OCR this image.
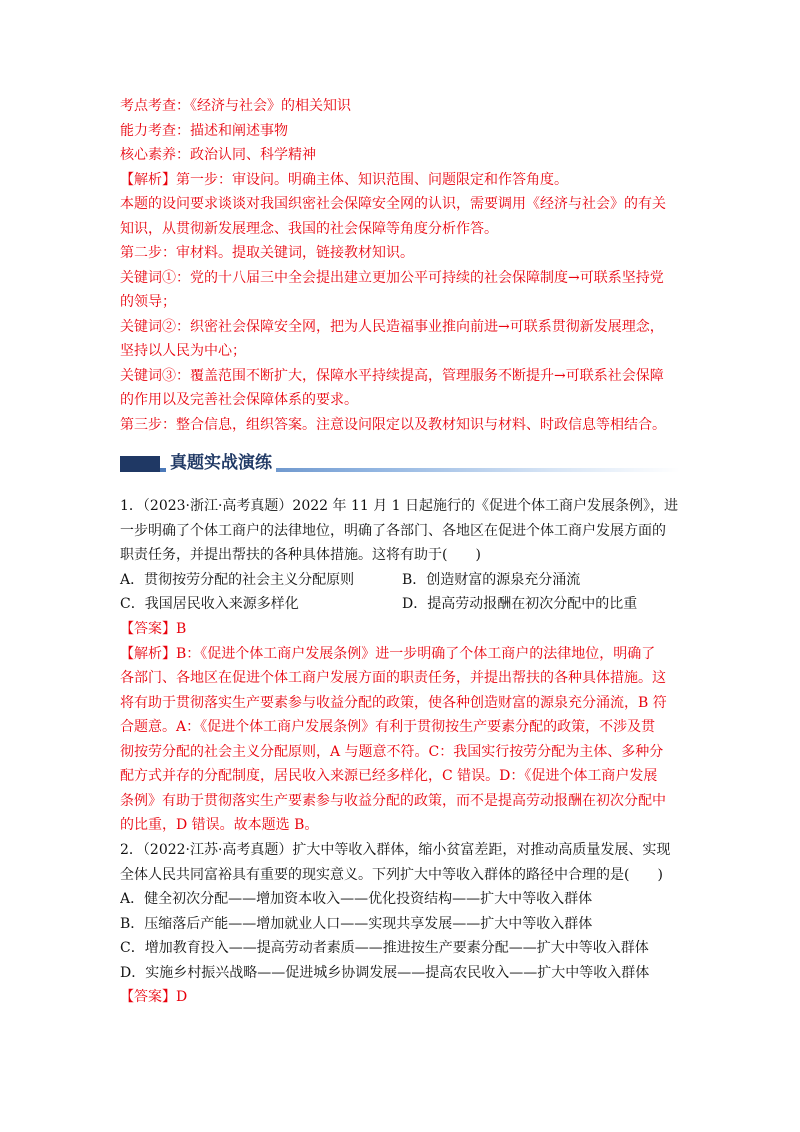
考点考查：《经济与社会》的相关知识
能力考查：描述和阐述事物
核心素养：政治认同、科学精神
【解析】第一步：审设问。明确主体、知识范围、问题限定和作答角度。
本题的设问要求谈谈对我国织密社会保障安全网的认识，需要调用《经济与社会》的有关
知识，从贯彻新发展理念、我国的社会保障等角度分析作答。
第二步：审材料。提取关键词，链接教材知识。
关键词①：党的十八届三中全会提出建立更加公平可持续的社会保障制度→可联系坚持党
的领导；
关键词②：织密社会保障安全网，把为人民造福事业推向前进→可联系贯彻新发展理念，
坚持以人民为中心；
关键词③：覆盖范围不断扩大，保障水平持续提高，管理服务不断提升→可联系社会保障
的作用以及完善社会保障体系的要求。
第三步：整合信息，组织答案。注意设问限定以及教材知识与材料、时政信息等相结合。
真题实战演练
1．（2023·浙江·高考真题）2022 年 11 月 1 日起施行的《促进个体工商户发展条例》，进
一步明确了个体工商户的法律地位，明确了各部门、各地区在促进个体工商户发展方面的
职责任务，并提出帮扶的各种具体措施。这将有助于(　　)
A．贯彻按劳分配的社会主义分配原则	B．创造财富的源泉充分涌流
C．我国居民收入来源多样化	D．提高劳动报酬在初次分配中的比重
【答案】B
【解析】B：《促进个体工商户发展条例》进一步明确了个体工商户的法律地位，明确了
各部门、各地区在促进个体工商户发展方面的职责任务，并提出帮扶的各种具体措施。这
将有助于贯彻落实生产要素参与收益分配的政策，使各种创造财富的源泉充分涌流，B 符
合题意。A：《促进个体工商户发展条例》有利于贯彻按生产要素分配的政策，不涉及贯
彻按劳分配的社会主义分配原则，A 与题意不符。C：我国实行按劳分配为主体、多种分
配方式并存的分配制度，居民收入来源已经多样化，C 错误。D：《促进个体工商户发展
条例》有助于贯彻落实生产要素参与收益分配的政策，而不是提高劳动报酬在初次分配中
的比重，D 错误。故本题选 B。
2．（2022·江苏·高考真题）扩大中等收入群体，缩小贫富差距，对推动高质量发展、实现
全体人民共同富裕具有重要的现实意义。下列扩大中等收入群体的路径中合理的是(　　)
A．健全初次分配——增加资本收入——优化投资结构——扩大中等收入群体
B．压缩落后产能——增加就业人口——实现共享发展——扩大中等收入群体
C．增加教育投入——提高劳动者素质——推进按生产要素分配——扩大中等收入群体
D．实施乡村振兴战略——促进城乡协调发展——提高农民收入——扩大中等收入群体
【答案】D
